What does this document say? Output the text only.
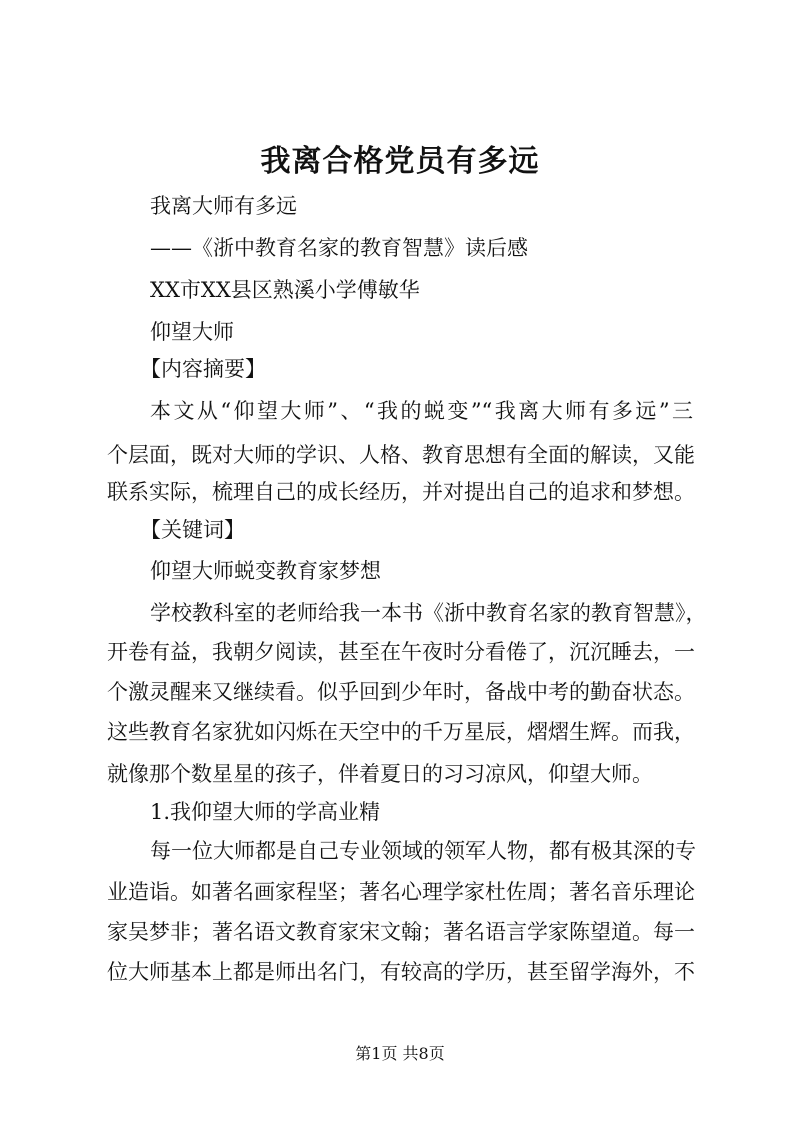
我离合格党员有多远
我离大师有多远
——《浙中教育名家的教育智慧》读后感
XX市XX县区熟溪小学傅敏华
仰望大师
【内容摘要】
本文从“仰望大师”、“我的蜕变”“我离大师有多远”三
个层面，既对大师的学识、人格、教育思想有全面的解读，又能
联系实际，梳理自己的成长经历，并对提出自己的追求和梦想。
【关键词】
仰望大师蜕变教育家梦想
学校教科室的老师给我一本书《浙中教育名家的教育智慧》，
开卷有益，我朝夕阅读，甚至在午夜时分看倦了，沉沉睡去，一
个激灵醒来又继续看。似乎回到少年时，备战中考的勤奋状态。
这些教育名家犹如闪烁在天空中的千万星辰，熠熠生辉。而我，
就像那个数星星的孩子，伴着夏日的习习凉风，仰望大师。
1.我仰望大师的学高业精
每一位大师都是自己专业领域的领军人物，都有极其深的专
业造诣。如著名画家程坚；著名心理学家杜佐周；著名音乐理论
家吴梦非；著名语文教育家宋文翰；著名语言学家陈望道。每一
位大师基本上都是师出名门，有较高的学历，甚至留学海外，不
第1页 共8页
